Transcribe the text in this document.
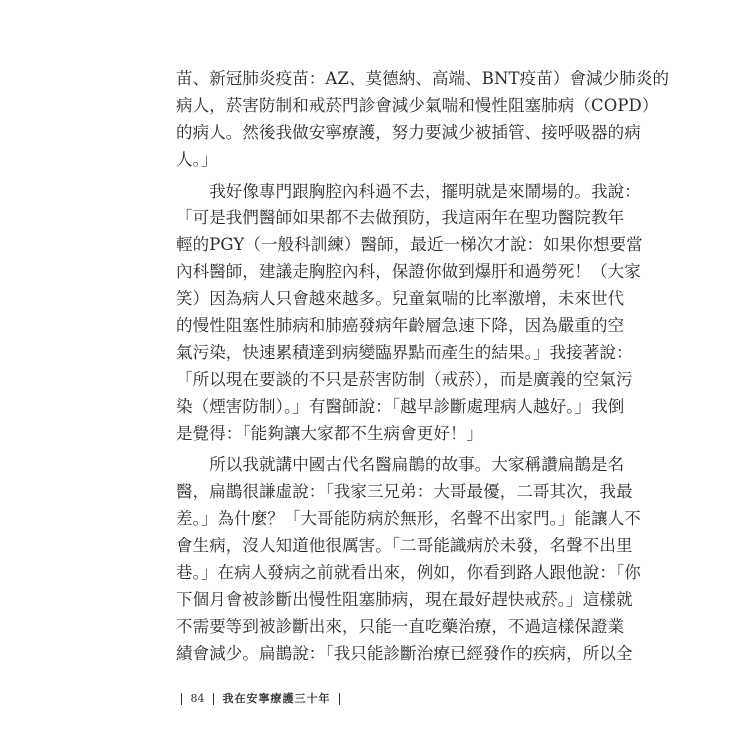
苗、新冠肺炎疫苗：AZ、莫德納、高端、BNT疫苗）會減少肺炎的
病人，菸害防制和戒菸門診會減少氣喘和慢性阻塞肺病（COPD）
的病人。然後我做安寧療護，努力要減少被插管、接呼吸器的病
人。」
　　我好像專門跟胸腔內科過不去，擺明就是來鬧場的。我說：
「可是我們醫師如果都不去做預防，我這兩年在聖功醫院教年
輕的PGY（一般科訓練）醫師，最近一梯次才說：如果你想要當
內科醫師，建議走胸腔內科，保證你做到爆肝和過勞死！（大家
笑）因為病人只會越來越多。兒童氣喘的比率激增，未來世代
的慢性阻塞性肺病和肺癌發病年齡層急速下降，因為嚴重的空
氣污染，快速累積達到病變臨界點而產生的結果。」我接著說：
「所以現在要談的不只是菸害防制（戒菸），而是廣義的空氣污
染（煙害防制）。」有醫師說：「越早診斷處理病人越好。」我倒
是覺得：「能夠讓大家都不生病會更好！」
　　所以我就講中國古代名醫扁鵲的故事。大家稱讚扁鵲是名
醫，扁鵲很謙虛說：「我家三兄弟：大哥最優，二哥其次，我最
差。」為什麼？「大哥能防病於無形，名聲不出家門。」能讓人不
會生病，沒人知道他很厲害。「二哥能識病於未發，名聲不出里
巷。」在病人發病之前就看出來，例如，你看到路人跟他說：「你
下個月會被診斷出慢性阻塞肺病，現在最好趕快戒菸。」這樣就
不需要等到被診斷出來，只能一直吃藥治療，不過這樣保證業
績會減少。扁鵲說：「我只能診斷治療已經發作的疾病，所以全
84 我在安寧療護三十年
